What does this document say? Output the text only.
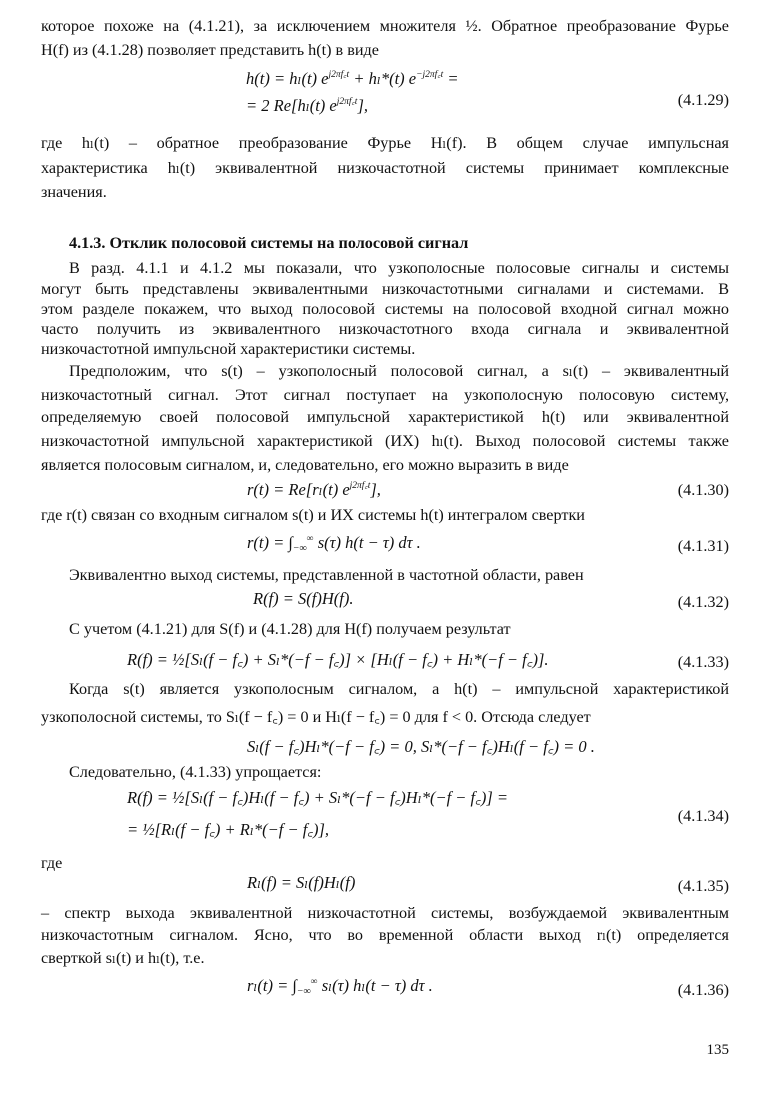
которое похоже на (4.1.21), за исключением множителя ½. Обратное преобразование Фурье
H(f) из (4.1.28) позволяет представить h(t) в виде
h(t) = hₗ(t) $e^{j2\pi f꜀t} + h_l*(t) e^{-j2\pi f꜀t}$ =
= 2 Re[hₗ(t) $e^{j2\pi f꜀t}$],	(4.1.29)
где hₗ(t) – обратное преобразование Фурье Hₗ(f). В общем случае импульсная
характеристика hₗ(t) эквивалентной низкочастотной системы принимает комплексные
значения.
4.1.3. Отклик полосовой системы на полосовой сигнал
В разд. 4.1.1 и 4.1.2 мы показали, что узкополосные полосовые сигналы и системы
могут быть представлены эквивалентными низкочастотными сигналами и системами. В
этом разделе покажем, что выход полосовой системы на полосовой входной сигнал можно
часто получить из эквивалентного низкочастотного входа сигнала и эквивалентной
низкочастотной импульсной характеристики системы.
Предположим, что s(t) – узкополосный полосовой сигнал, а sₗ(t) – эквивалентный
низкочастотный сигнал. Этот сигнал поступает на узкополосную полосовую систему,
определяемую своей полосовой импульсной характеристикой h(t) или эквивалентной
низкочастотной импульсной характеристикой (ИХ) hₗ(t). Выход полосовой системы также
является полосовым сигналом, и, следовательно, его можно выразить в виде
r(t) = Re[rₗ(t) $e^{j2\pi f꜀t}$],	(4.1.30)
где r(t) связан со входным сигналом s(t) и ИХ системы h(t) интегралом свертки
$r(t) = \int_{-\infty}^\infty$ s(τ) h(t − τ) dτ .	(4.1.31)
Эквивалентно выход системы, представленной в частотной области, равен
R(f) = S(f)H(f).	(4.1.32)
С учетом (4.1.21) для S(f) и (4.1.28) для H(f) получаем результат
R(f) = ½[Sₗ(f − f꜀) + Sₗ*(−f − f꜀)] × [Hₗ(f − f꜀) + Hₗ*(−f − f꜀)].	(4.1.33)
Когда s(t) является узкополосным сигналом, а h(t) – импульсной характеристикой
узкополосной системы, то Sₗ(f − f꜀) = 0 и Hₗ(f − f꜀) = 0 для f < 0. Отсюда следует
Sₗ(f − f꜀)Hₗ*(−f − f꜀) = 0, Sₗ*(−f − f꜀)Hₗ(f − f꜀) = 0 .
Следовательно, (4.1.33) упрощается:
R(f) = ½[Sₗ(f − f꜀)Hₗ(f − f꜀) + Sₗ*(−f − f꜀)Hₗ*(−f − f꜀)] =
= ½[Rₗ(f − f꜀) + Rₗ*(−f − f꜀)],
(4.1.34)
где
Rₗ(f) = Sₗ(f)Hₗ(f)	(4.1.35)
– спектр выхода эквивалентной низкочастотной системы, возбуждаемой эквивалентным
низкочастотным сигналом. Ясно, что во временной области выход rₗ(t) определяется
сверткой sₗ(t) и hₗ(t), т.е.
$r_l(t) = \int_{-\infty}^\infty$ sₗ(τ) hₗ(t − τ) dτ .	(4.1.36)
135
